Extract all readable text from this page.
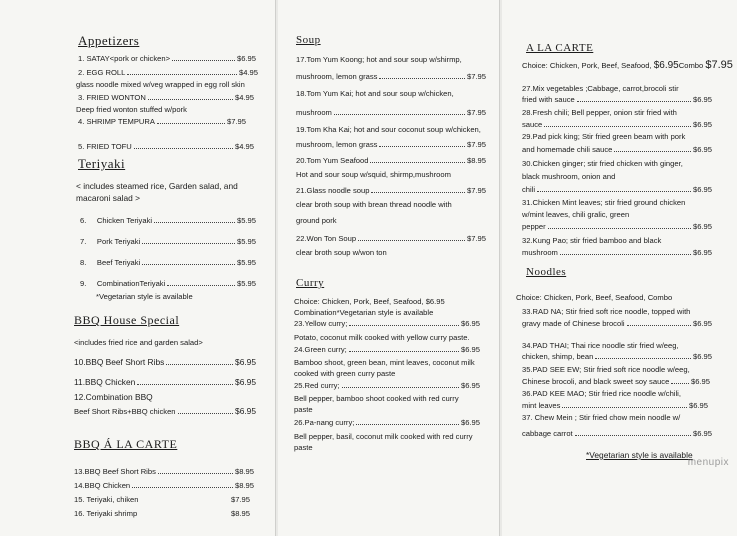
Appetizers
1.
SATAY<pork or chicken>	$6.95
2.
EGG ROLL	$4.95
glass noodle mixed w/veg wrapped in egg roll skin
3.
FRIED WONTON	$4.95
Deep fried wonton stuffed w/pork
4.
SHRIMP TEMPURA	$7.95
5.
FRIED TOFU	$4.95
Teriyaki
< includes steamed rice, Garden salad, and macaroni salad >
6.
Chicken Teriyaki	$5.95
7.
Pork Teriyaki	$5.95
8.
Beef Teriyaki	$5.95
9.
CombinationTeriyaki	$5.95
*Vegetarian style is available
BBQ House Special
<includes fried rice and garden salad>
10.BBQ Beef Short Ribs	$6.95
11.BBQ Chicken	$6.95
12.Combination BBQ
Beef Short Ribs+BBQ chicken	$6.95
BBQ Á LA CARTE
13.BBQ Beef Short Ribs	$8.95
14.BBQ Chicken	$8.95
15. Teriyaki, chiken	$7.95
16. Teriyaki shrimp	$8.95
Soup
17.Tom Yum Koong; hot and sour soup w/shirmp,
mushroom, lemon grass	$7.95
18.Tom Yum Kai; hot and sour soup w/chicken,
mushroom	$7.95
19.Tom Kha Kai; hot and sour coconut soup w/chicken,
mushroom, lemon grass	$7.95
20.Tom Yum Seafood	$8.95
Hot and sour soup w/squid, shirmp,mushroom
21.Glass noodle soup	$7.95
clear broth soup with brean thread noodle with
ground pork
22.Won Ton Soup	$7.95
clear broth soup w/won ton
Curry
Choice: Chicken, Pork, Beef, Seafood, $6.95
Combination*Vegetarian style is available
23.Yellow curry;	$6.95
Potato, coconut milk cooked with yellow curry paste.
24.Green curry;	$6.95
Bamboo shoot, green bean, mint leaves, coconut milk
cooked with green curry paste
25.Red curry;	$6.95
Bell pepper, bamboo shoot cooked with red curry
paste
26.Pa-nang curry;	$6.95
Bell pepper, basil, coconut milk cooked with red curry
paste
A LA CARTE
Choice: Chicken, Pork, Beef, Seafood, $6.95Combo $7.95
27.Mix vegetables ;Cabbage, carrot,brocoli stir
fried with sauce	$6.95
28.Fresh chili; Bell pepper, onion stir fried with
sauce	$6.95
29.Pad pick king; Stir fried green beam with pork
and homemade chili sauce	$6.95
30.Chicken ginger; stir fried chicken with ginger,
black mushroom, onion and
chili	$6.95
31.Chicken Mint leaves; stir fried ground chicken
w/mint leaves, chili gralic, green
pepper	$6.95
32.Kung Pao; stir fried bamboo and black
mushroom	$6.95
Noodles
Choice: Chicken, Pork, Beef, Seafood, Combo
33.RAD NA; Stir fried soft rice noodle, topped with
gravy made of Chinese brocoli	$6.95
34.PAD THAI; Thai rice noodle stir fried w/eeg,
chicken, shimp, bean	$6.95
35.PAD SEE EW; Stir fried soft rice noodle w/eeg,
Chinese brocoli, and black sweet soy sauce	$6.95
36.PAD KEE MAO; Stir fried rice noodle w/chili,
mint leaves	$6.95
37. Chew Mein ; Stir fried chow mein noodle w/
cabbage carrot	$6.95
*Vegetarian style is available
menupix
